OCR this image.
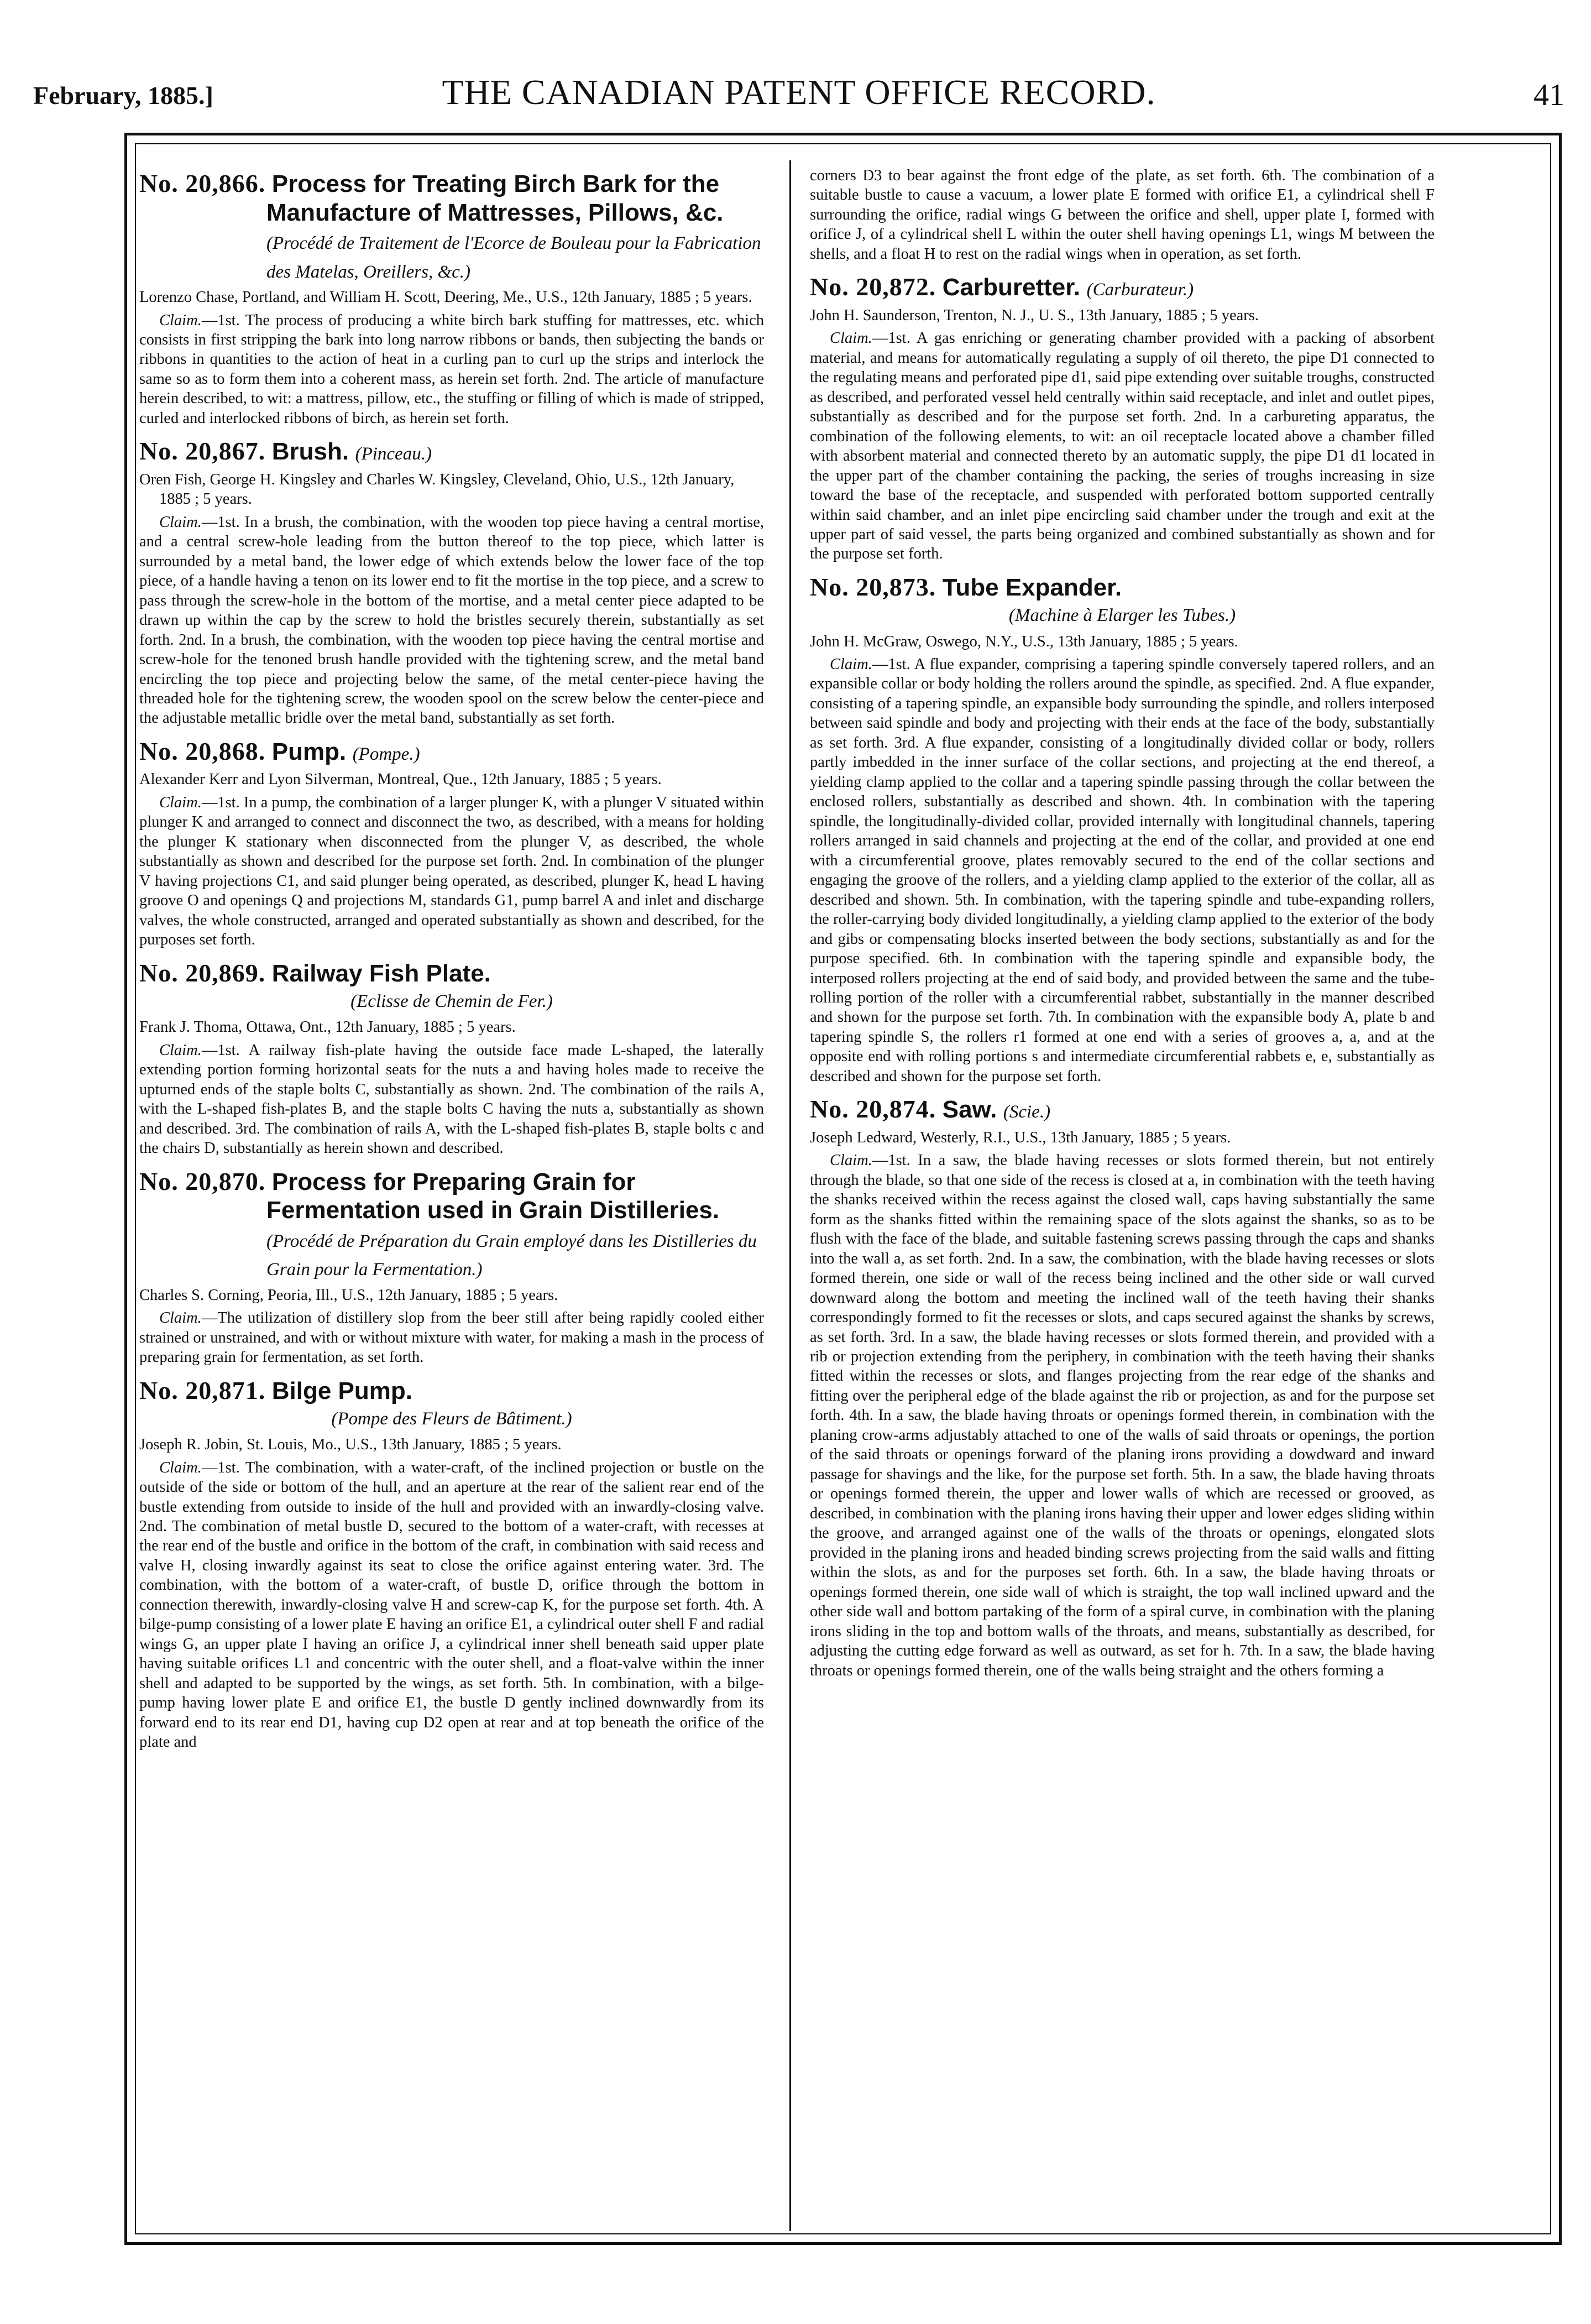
February, 1885.]	THE CANADIAN PATENT OFFICE RECORD.	41
No. 20,866. Process for Treating Birch Bark for the Manufacture of Mattresses, Pillows, &c. (Procédé de Traitement de l'Ecorce de Bouleau pour la Fabrication des Matelas, Oreillers, &c.)
Lorenzo Chase, Portland, and William H. Scott, Deering, Me., U.S., 12th January, 1885 ; 5 years.

Claim.—1st. The process of producing a white birch bark stuffing for mattresses, etc. which consists in first stripping the bark into long narrow ribbons or bands, then subjecting the bands or ribbons in quantities to the action of heat in a curling pan to curl up the strips and interlock the same so as to form them into a coherent mass, as herein set forth. 2nd. The article of manufacture herein described, to wit: a mattress, pillow, etc., the stuffing or filling of which is made of stripped, curled and interlocked ribbons of birch, as herein set forth.

No. 20,867. Brush. (Pinceau.)
Oren Fish, George H. Kingsley and Charles W. Kingsley, Cleveland, Ohio, U.S., 12th January, 1885 ; 5 years.

Claim.—1st. In a brush, the combination, with the wooden top piece having a central mortise, and a central screw-hole leading from the button thereof to the top piece, which latter is surrounded by a metal band, the lower edge of which extends below the lower face of the top piece, of a handle having a tenon on its lower end to fit the mortise in the top piece, and a screw to pass through the screw-hole in the bottom of the mortise, and a metal center piece adapted to be drawn up within the cap by the screw to hold the bristles securely therein, substantially as set forth. 2nd. In a brush, the combination, with the wooden top piece having the central mortise and screw-hole for the tenoned brush handle provided with the tightening screw, and the metal band encircling the top piece and projecting below the same, of the metal center-piece having the threaded hole for the tightening screw, the wooden spool on the screw below the center-piece and the adjustable metallic bridle over the metal band, substantially as set forth.

No. 20,868. Pump. (Pompe.)
Alexander Kerr and Lyon Silverman, Montreal, Que., 12th January, 1885 ; 5 years.

Claim.—1st. In a pump, the combination of a larger plunger K, with a plunger V situated within plunger K and arranged to connect and disconnect the two, as described, with a means for holding the plunger K stationary when disconnected from the plunger V, as described, the whole substantially as shown and described for the purpose set forth. 2nd. In combination of the plunger V having projections C1, and said plunger being operated, as described, plunger K, head L having groove O and openings Q and projections M, standards G1, pump barrel A and inlet and discharge valves, the whole constructed, arranged and operated substantially as shown and described, for the purposes set forth.

No. 20,869. Railway Fish Plate.
(Eclisse de Chemin de Fer.)
Frank J. Thoma, Ottawa, Ont., 12th January, 1885 ; 5 years.

Claim.—1st. A railway fish-plate having the outside face made L-shaped, the laterally extending portion forming horizontal seats for the nuts a and having holes made to receive the upturned ends of the staple bolts C, substantially as shown. 2nd. The combination of the rails A, with the L-shaped fish-plates B, and the staple bolts C having the nuts a, substantially as shown and described. 3rd. The combination of rails A, with the L-shaped fish-plates B, staple bolts c and the chairs D, substantially as herein shown and described.

No. 20,870. Process for Preparing Grain for Fermentation used in Grain Distilleries. (Procédé de Préparation du Grain employé dans les Distilleries du Grain pour la Fermentation.)
Charles S. Corning, Peoria, Ill., U.S., 12th January, 1885 ; 5 years.

Claim.—The utilization of distillery slop from the beer still after being rapidly cooled either strained or unstrained, and with or without mixture with water, for making a mash in the process of preparing grain for fermentation, as set forth.

No. 20,871. Bilge Pump.
(Pompe des Fleurs de Bâtiment.)
Joseph R. Jobin, St. Louis, Mo., U.S., 13th January, 1885 ; 5 years.

Claim.—1st. The combination, with a water-craft, of the inclined projection or bustle on the outside of the side or bottom of the hull, and an aperture at the rear of the salient rear end of the bustle extending from outside to inside of the hull and provided with an inwardly-closing valve. 2nd. The combination of metal bustle D, secured to the bottom of a water-craft, with recesses at the rear end of the bustle and orifice in the bottom of the craft, in combination with said recess and valve H, closing inwardly against its seat to close the orifice against entering water. 3rd. The combination, with the bottom of a water-craft, of bustle D, orifice through the bottom in connection therewith, inwardly-closing valve H and screw-cap K, for the purpose set forth. 4th. A bilge-pump consisting of a lower plate E having an orifice E1, a cylindrical outer shell F and radial wings G, an upper plate I having an orifice J, a cylindrical inner shell beneath said upper plate having suitable orifices L1 and concentric with the outer shell, and a float-valve within the inner shell and adapted to be supported by the wings, as set forth. 5th. In combination, with a bilge-pump having lower plate E and orifice E1, the bustle D gently inclined downwardly from its forward end to its rear end D1, having cup D2 open at rear and at top beneath the orifice of the plate and

corners D3 to bear against the front edge of the plate, as set forth. 6th. The combination of a suitable bustle to cause a vacuum, a lower plate E formed with orifice E1, a cylindrical shell F surrounding the orifice, radial wings G between the orifice and shell, upper plate I, formed with orifice J, of a cylindrical shell L within the outer shell having openings L1, wings M between the shells, and a float H to rest on the radial wings when in operation, as set forth.

No. 20,872. Carburetter. (Carburateur.)
John H. Saunderson, Trenton, N. J., U. S., 13th January, 1885 ; 5 years.

Claim.—1st. A gas enriching or generating chamber provided with a packing of absorbent material, and means for automatically regulating a supply of oil thereto, the pipe D1 connected to the regulating means and perforated pipe d1, said pipe extending over suitable troughs, constructed as described, and perforated vessel held centrally within said receptacle, and inlet and outlet pipes, substantially as described and for the purpose set forth. 2nd. In a carbureting apparatus, the combination of the following elements, to wit: an oil receptacle located above a chamber filled with absorbent material and connected thereto by an automatic supply, the pipe D1 d1 located in the upper part of the chamber containing the packing, the series of troughs increasing in size toward the base of the receptacle, and suspended with perforated bottom supported centrally within said chamber, and an inlet pipe encircling said chamber under the trough and exit at the upper part of said vessel, the parts being organized and combined substantially as shown and for the purpose set forth.

No. 20,873. Tube Expander.
(Machine à Elarger les Tubes.)
John H. McGraw, Oswego, N.Y., U.S., 13th January, 1885 ; 5 years.

Claim.—1st. A flue expander, comprising a tapering spindle conversely tapered rollers, and an expansible collar or body holding the rollers around the spindle, as specified. 2nd. A flue expander, consisting of a tapering spindle, an expansible body surrounding the spindle, and rollers interposed between said spindle and body and projecting with their ends at the face of the body, substantially as set forth. 3rd. A flue expander, consisting of a longitudinally divided collar or body, rollers partly imbedded in the inner surface of the collar sections, and projecting at the end thereof, a yielding clamp applied to the collar and a tapering spindle passing through the collar between the enclosed rollers, substantially as described and shown. 4th. In combination with the tapering spindle, the longitudinally-divided collar, provided internally with longitudinal channels, tapering rollers arranged in said channels and projecting at the end of the collar, and provided at one end with a circumferential groove, plates removably secured to the end of the collar sections and engaging the groove of the rollers, and a yielding clamp applied to the exterior of the collar, all as described and shown. 5th. In combination, with the tapering spindle and tube-expanding rollers, the roller-carrying body divided longitudinally, a yielding clamp applied to the exterior of the body and gibs or compensating blocks inserted between the body sections, substantially as and for the purpose specified. 6th. In combination with the tapering spindle and expansible body, the interposed rollers projecting at the end of said body, and provided between the same and the tube-rolling portion of the roller with a circumferential rabbet, substantially in the manner described and shown for the purpose set forth. 7th. In combination with the expansible body A, plate b and tapering spindle S, the rollers r1 formed at one end with a series of grooves a, a, and at the opposite end with rolling portions s and intermediate circumferential rabbets e, e, substantially as described and shown for the purpose set forth.

No. 20,874. Saw. (Scie.)
Joseph Ledward, Westerly, R.I., U.S., 13th January, 1885 ; 5 years.

Claim.—1st. In a saw, the blade having recesses or slots formed therein, but not entirely through the blade, so that one side of the recess is closed at a, in combination with the teeth having the shanks received within the recess against the closed wall, caps having substantially the same form as the shanks fitted within the remaining space of the slots against the shanks, so as to be flush with the face of the blade, and suitable fastening screws passing through the caps and shanks into the wall a, as set forth. 2nd. In a saw, the combination, with the blade having recesses or slots formed therein, one side or wall of the recess being inclined and the other side or wall curved downward along the bottom and meeting the inclined wall of the teeth having their shanks correspondingly formed to fit the recesses or slots, and caps secured against the shanks by screws, as set forth. 3rd. In a saw, the blade having recesses or slots formed therein, and provided with a rib or projection extending from the periphery, in combination with the teeth having their shanks fitted within the recesses or slots, and flanges projecting from the rear edge of the shanks and fitting over the peripheral edge of the blade against the rib or projection, as and for the purpose set forth. 4th. In a saw, the blade having throats or openings formed therein, in combination with the planing crow-arms adjustably attached to one of the walls of said throats or openings, the portion of the said throats or openings forward of the planing irons providing a dowdward and inward passage for shavings and the like, for the purpose set forth. 5th. In a saw, the blade having throats or openings formed therein, the upper and lower walls of which are recessed or grooved, as described, in combination with the planing irons having their upper and lower edges sliding within the groove, and arranged against one of the walls of the throats or openings, elongated slots provided in the planing irons and headed binding screws projecting from the said walls and fitting within the slots, as and for the purposes set forth. 6th. In a saw, the blade having throats or openings formed therein, one side wall of which is straight, the top wall inclined upward and the other side wall and bottom partaking of the form of a spiral curve, in combination with the planing irons sliding in the top and bottom walls of the throats, and means, substantially as described, for adjusting the cutting edge forward as well as outward, as set for h. 7th. In a saw, the blade having throats or openings formed therein, one of the walls being straight and the others forming a
